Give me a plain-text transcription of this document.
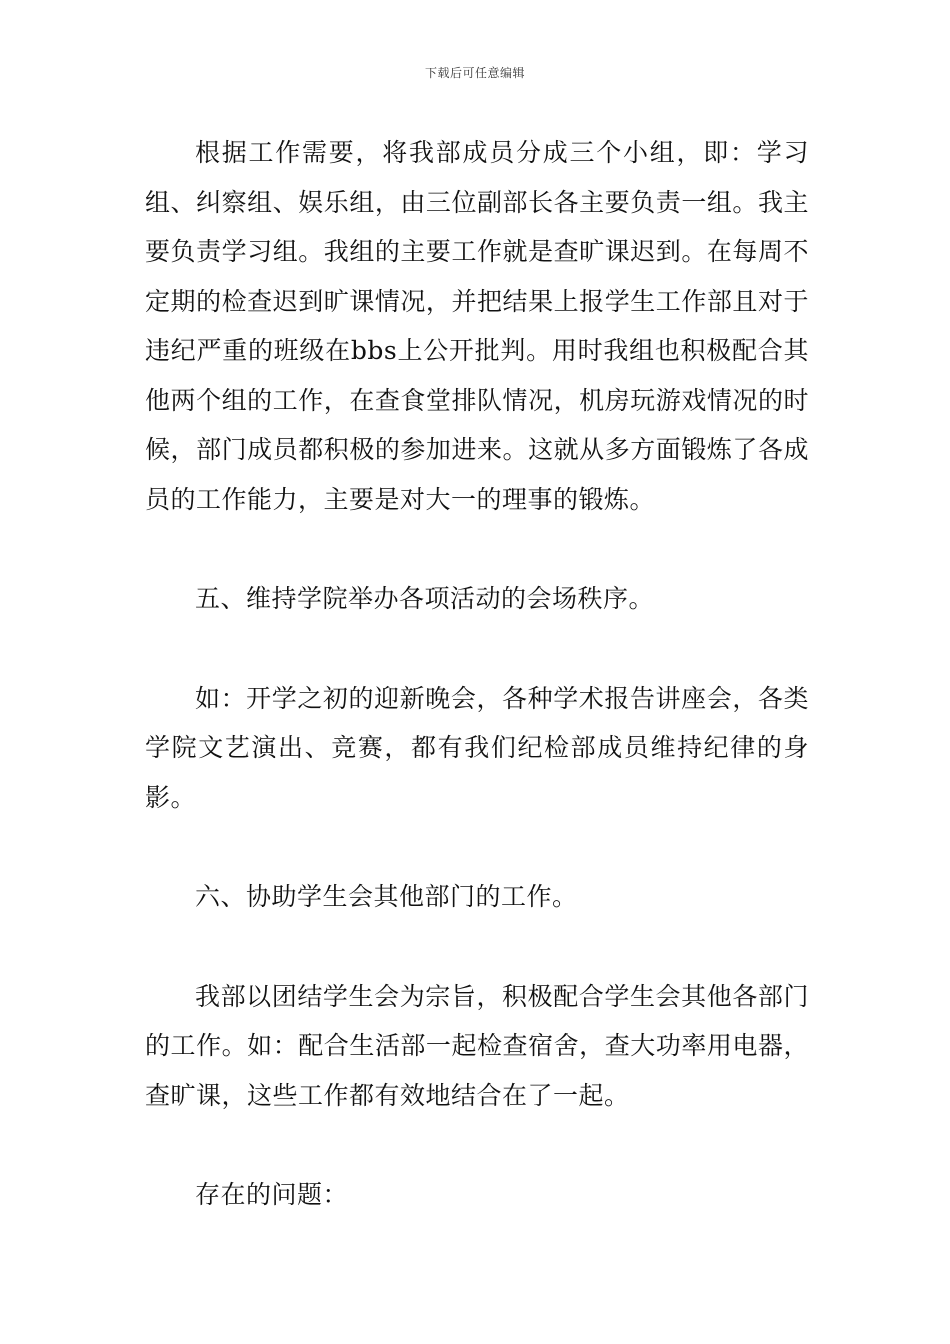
下载后可任意编辑

根据工作需要，将我部成员分成三个小组，即：学习组、纠察组、娱乐组，由三位副部长各主要负责一组。我主要负责学习组。我组的主要工作就是查旷课迟到。在每周不定期的检查迟到旷课情况，并把结果上报学生工作部且对于违纪严重的班级在bbs上公开批判。用时我组也积极配合其他两个组的工作，在查食堂排队情况，机房玩游戏情况的时候，部门成员都积极的参加进来。这就从多方面锻炼了各成员的工作能力，主要是对大一的理事的锻炼。

五、维持学院举办各项活动的会场秩序。

如：开学之初的迎新晚会，各种学术报告讲座会，各类学院文艺演出、竞赛，都有我们纪检部成员维持纪律的身影。

六、协助学生会其他部门的工作。

我部以团结学生会为宗旨，积极配合学生会其他各部门的工作。如：配合生活部一起检查宿舍，查大功率用电器，查旷课，这些工作都有效地结合在了一起。

存在的问题：
